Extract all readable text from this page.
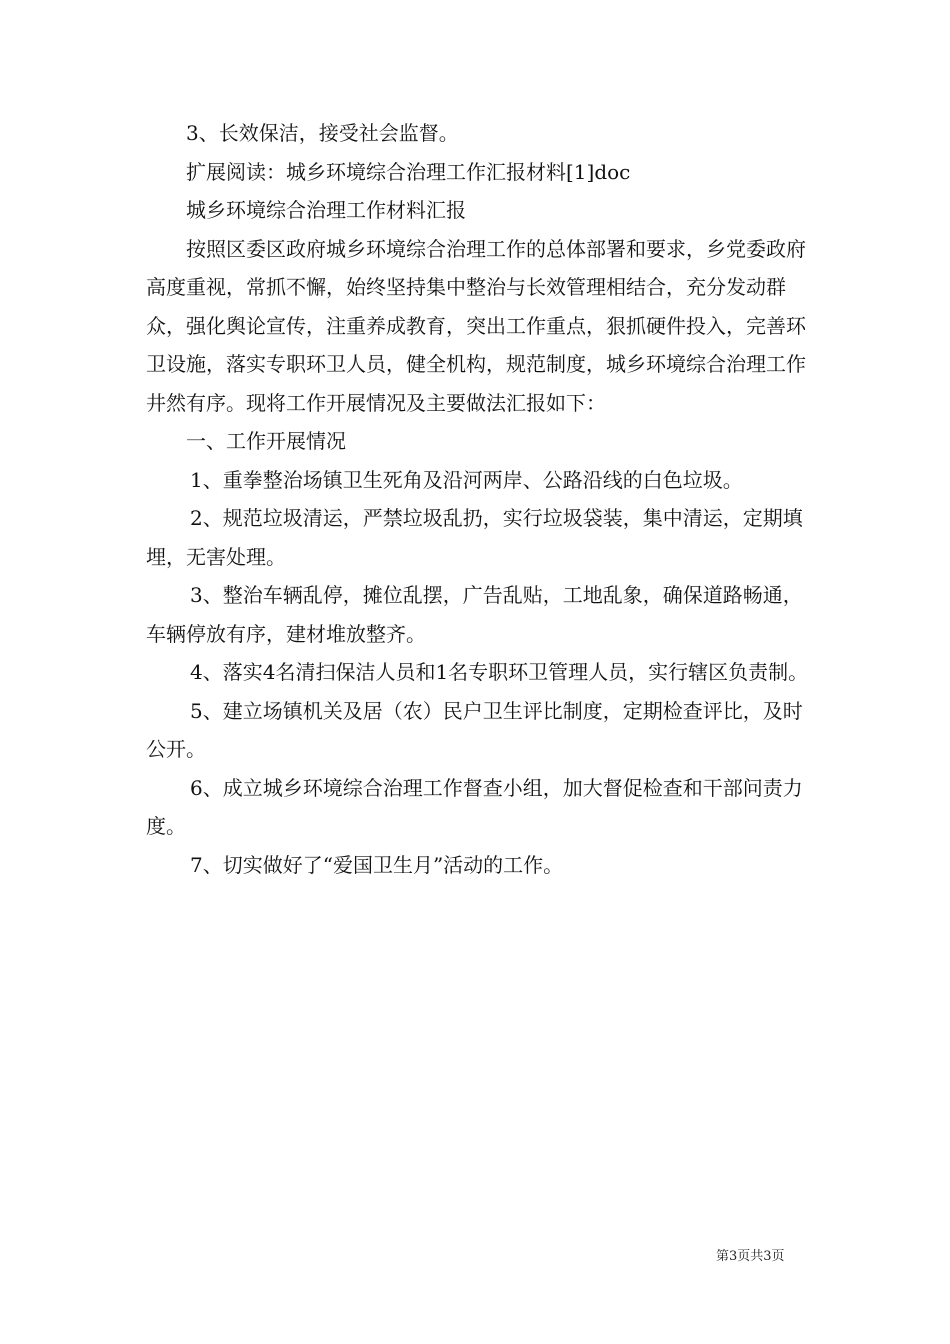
3、长效保洁，接受社会监督。

扩展阅读：城乡环境综合治理工作汇报材料[1]doc

城乡环境综合治理工作材料汇报

按照区委区政府城乡环境综合治理工作的总体部署和要求，乡党委政府高度重视，常抓不懈，始终坚持集中整治与长效管理相结合，充分发动群众，强化舆论宣传，注重养成教育，突出工作重点，狠抓硬件投入，完善环卫设施，落实专职环卫人员，健全机构，规范制度，城乡环境综合治理工作井然有序。现将工作开展情况及主要做法汇报如下：

一、工作开展情况

1、重拳整治场镇卫生死角及沿河两岸、公路沿线的白色垃圾。

2、规范垃圾清运，严禁垃圾乱扔，实行垃圾袋装，集中清运，定期填埋，无害处理。

3、整治车辆乱停，摊位乱摆，广告乱贴，工地乱象，确保道路畅通，车辆停放有序，建材堆放整齐。

4、落实4名清扫保洁人员和1名专职环卫管理人员，实行辖区负责制。

5、建立场镇机关及居（农）民户卫生评比制度，定期检查评比，及时公开。

6、成立城乡环境综合治理工作督查小组，加大督促检查和干部问责力度。

7、切实做好了“爱国卫生月”活动的工作。

第3页共3页
